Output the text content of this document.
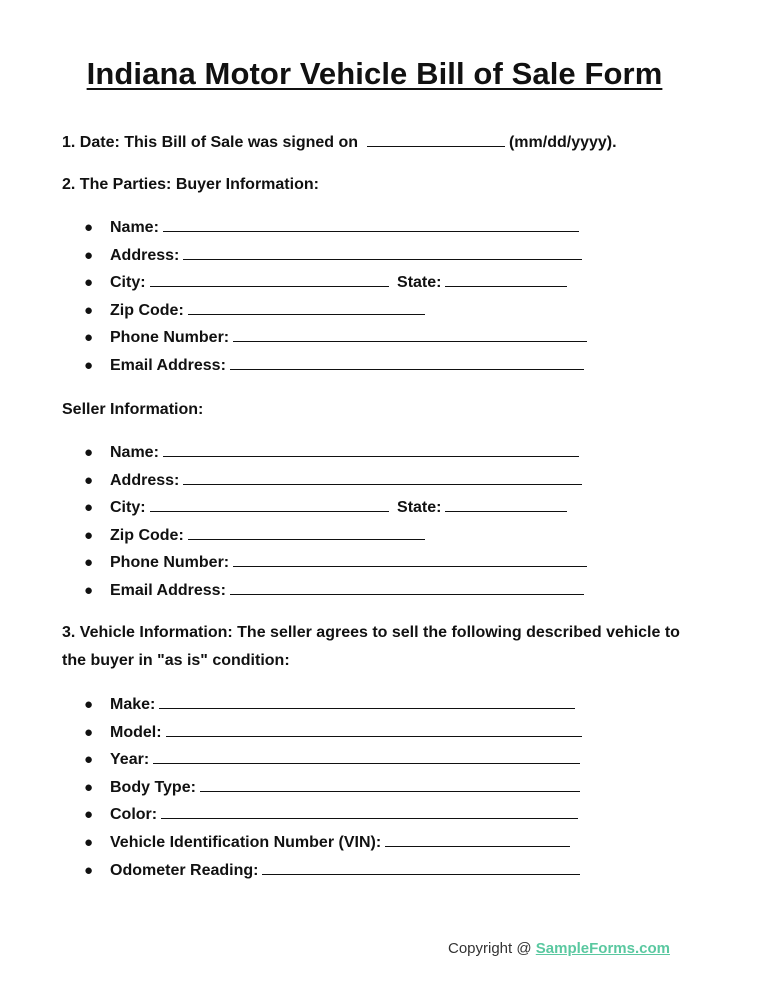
Indiana Motor Vehicle Bill of Sale Form

1. Date: This Bill of Sale was signed on	(mm/dd/yyyy).

2. The Parties: Buyer Information:

● Name:
● Address:
● City:	State:
● Zip Code:
● Phone Number:
● Email Address:

Seller Information:

● Name:
● Address:
● City:	State:
● Zip Code:
● Phone Number:
● Email Address:

3. Vehicle Information: The seller agrees to sell the following described vehicle to the buyer in "as is" condition:

● Make:
● Model:
● Year:
● Body Type:
● Color:
● Vehicle Identification Number (VIN):
● Odometer Reading:
Copyright @ SampleForms.com
